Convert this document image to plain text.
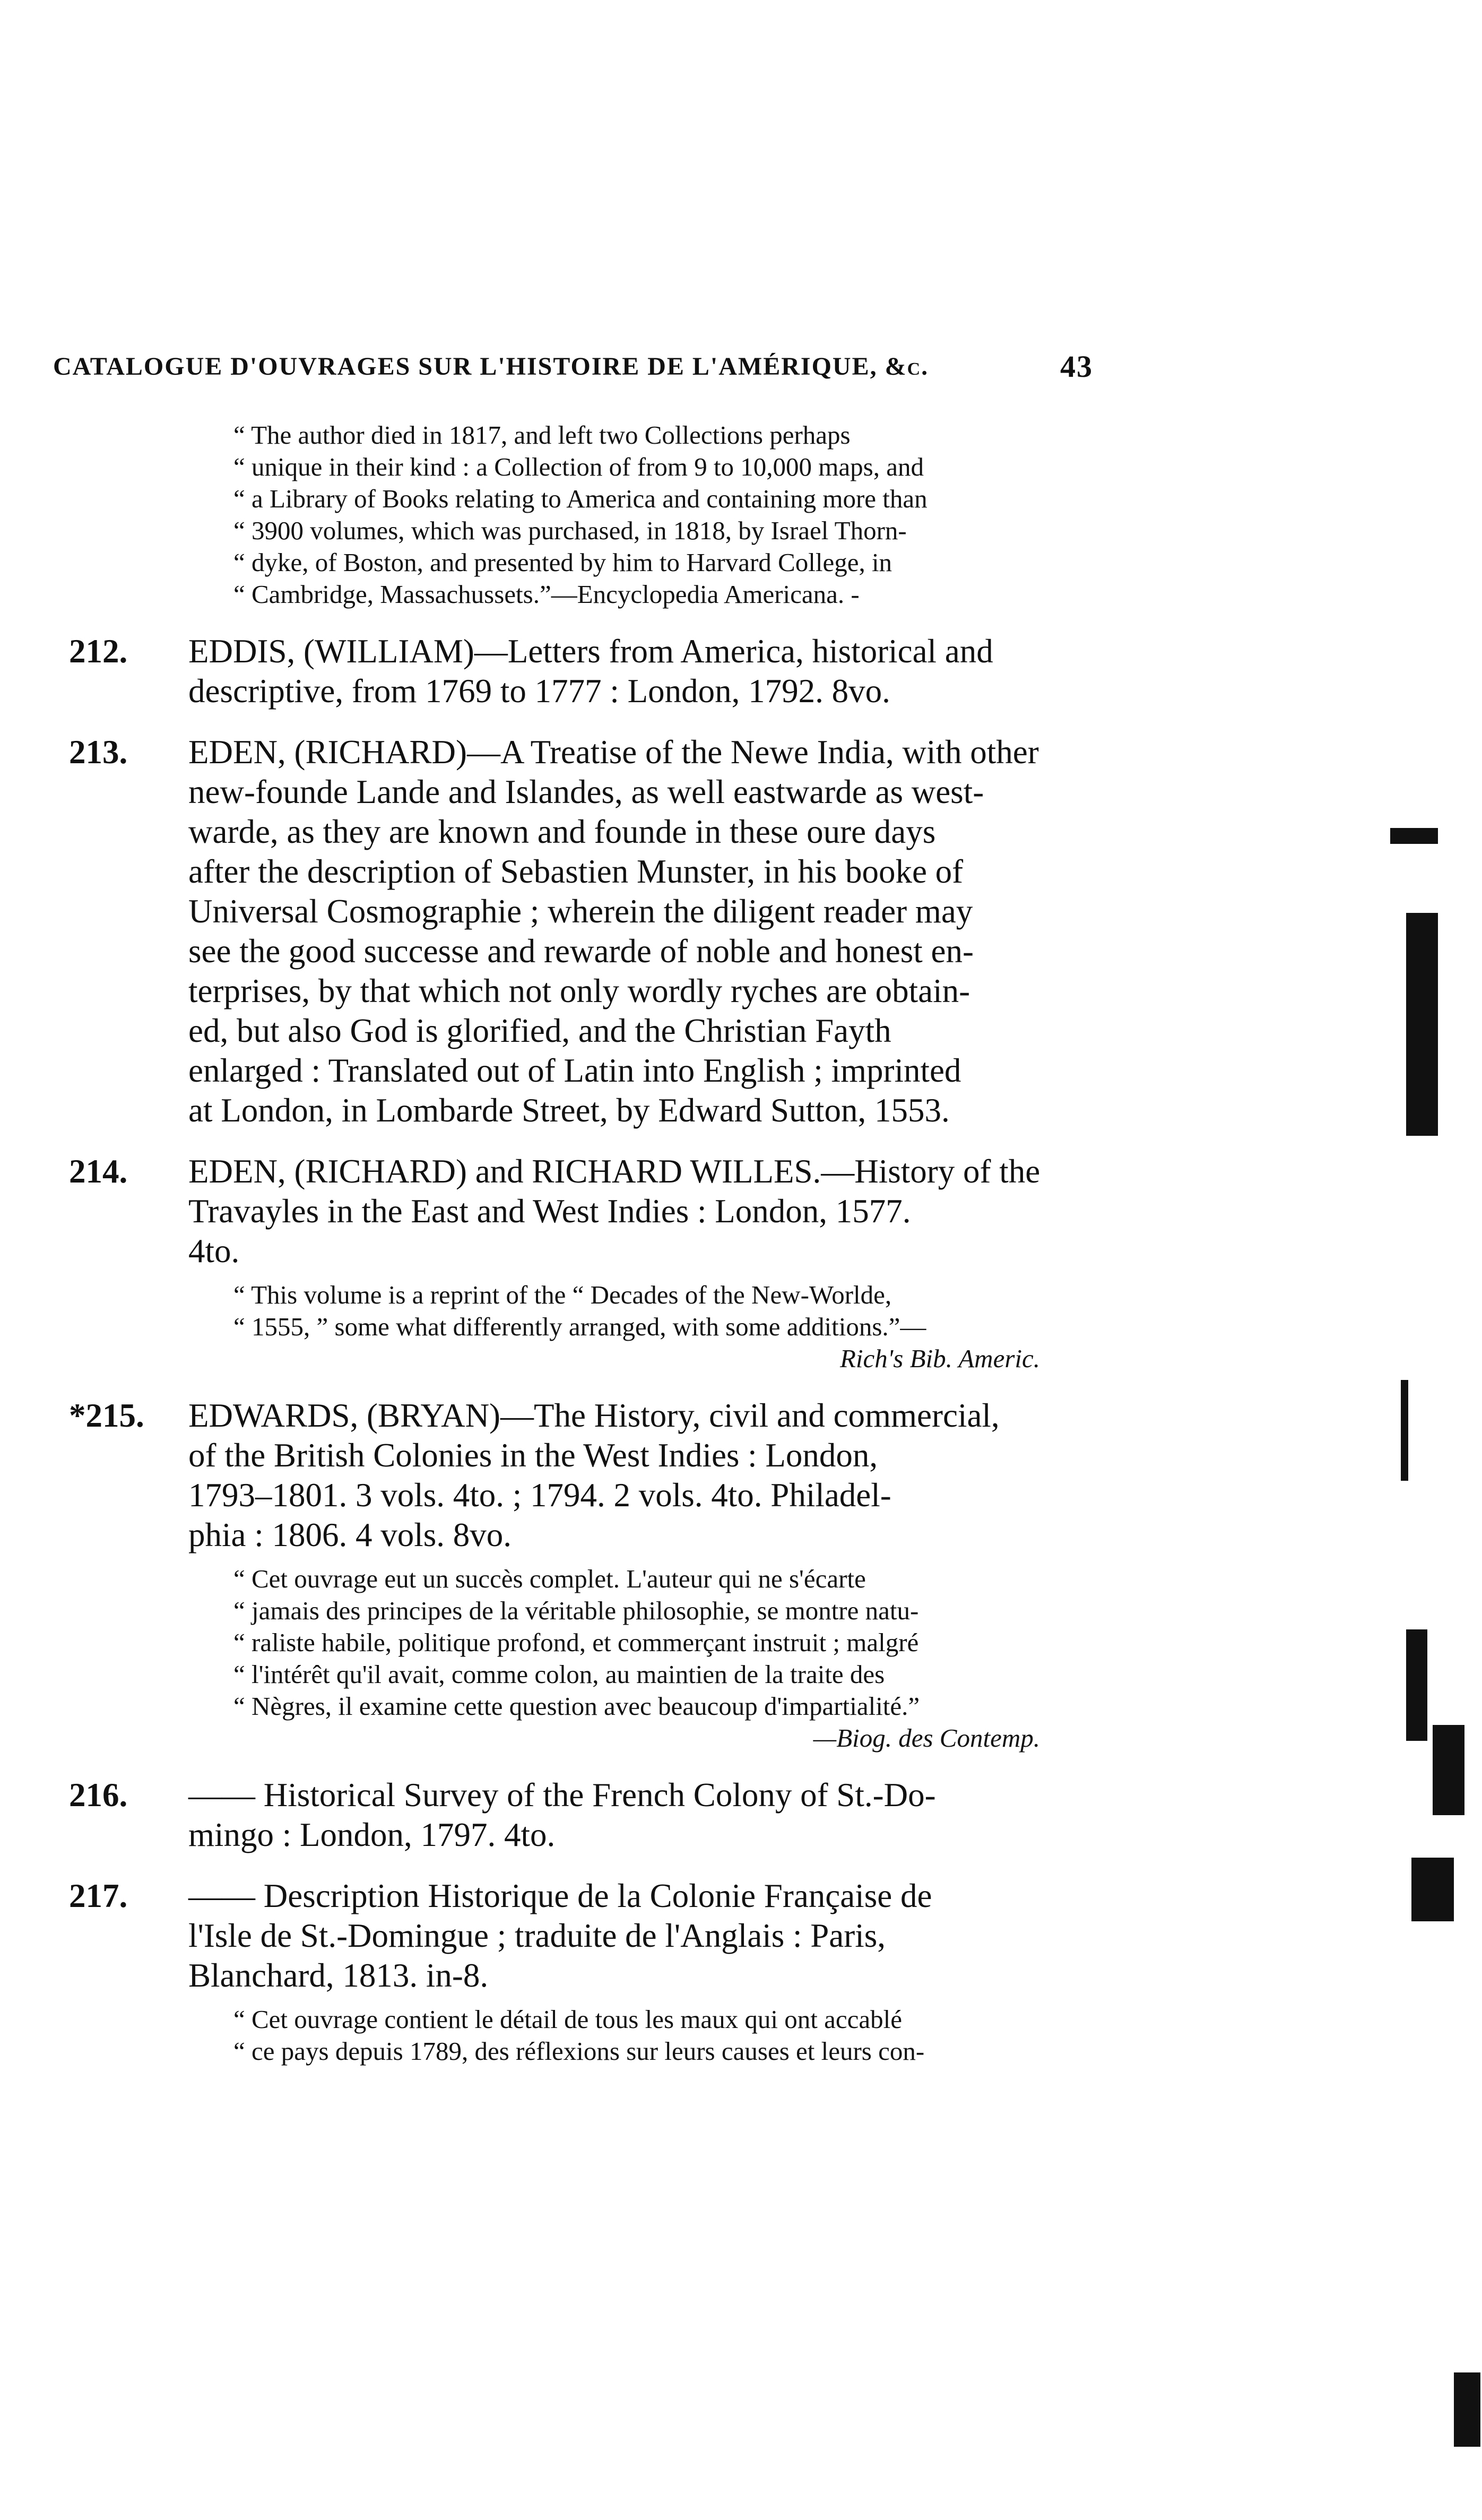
CATALOGUE D'OUVRAGES SUR L'HISTOIRE DE L'AMÉRIQUE, &c.	43

“ The author died in 1817, and left two Collections perhaps

“ unique in their kind : a Collection of from 9 to 10,000 maps, and

“ a Library of Books relating to America and containing more than

“ 3900 volumes, which was purchased, in 1818, by Israel Thorn-

“ dyke, of Boston, and presented by him to Harvard College, in

“ Cambridge, Massachussets.”—Encyclopedia Americana. -

212. EDDIS, (WILLIAM)—Letters from America, historical and

descriptive, from 1769 to 1777 : London, 1792. 8vo.

213. EDEN, (RICHARD)—A Treatise of the Newe India, with other

new-founde Lande and Islandes, as well eastwarde as west-

warde, as they are known and founde in these oure days

after the description of Sebastien Munster, in his booke of

Universal Cosmographie ; wherein the diligent reader may

see the good successe and rewarde of noble and honest en-

terprises, by that which not only wordly ryches are obtain-

ed, but also God is glorified, and the Christian Fayth

enlarged : Translated out of Latin into English ; imprinted

at London, in Lombarde Street, by Edward Sutton, 1553.

214. EDEN, (RICHARD) and RICHARD WILLES.—History of the

Travayles in the East and West Indies : London, 1577.

4to.

“ This volume is a reprint of the “ Decades of the New-Worlde,

“ 1555, ” some what differently arranged, with some additions.”—

Rich's Bib. Americ.

*215. EDWARDS, (BRYAN)—The History, civil and commercial,

of the British Colonies in the West Indies : London,

1793–1801. 3 vols. 4to. ; 1794. 2 vols. 4to. Philadel-

phia : 1806. 4 vols. 8vo.

“ Cet ouvrage eut un succès complet. L'auteur qui ne s'écarte

“ jamais des principes de la véritable philosophie, se montre natu-

“ raliste habile, politique profond, et commerçant instruit ; malgré

“ l'intérêt qu'il avait, comme colon, au maintien de la traite des

“ Nègres, il examine cette question avec beaucoup d'impartialité.”

—Biog. des Contemp.

216. —— Historical Survey of the French Colony of St.-Do-

mingo : London, 1797. 4to.

217. —— Description Historique de la Colonie Française de

l'Isle de St.-Domingue ; traduite de l'Anglais : Paris,

Blanchard, 1813. in-8.

“ Cet ouvrage contient le détail de tous les maux qui ont accablé

“ ce pays depuis 1789, des réflexions sur leurs causes et leurs con-
